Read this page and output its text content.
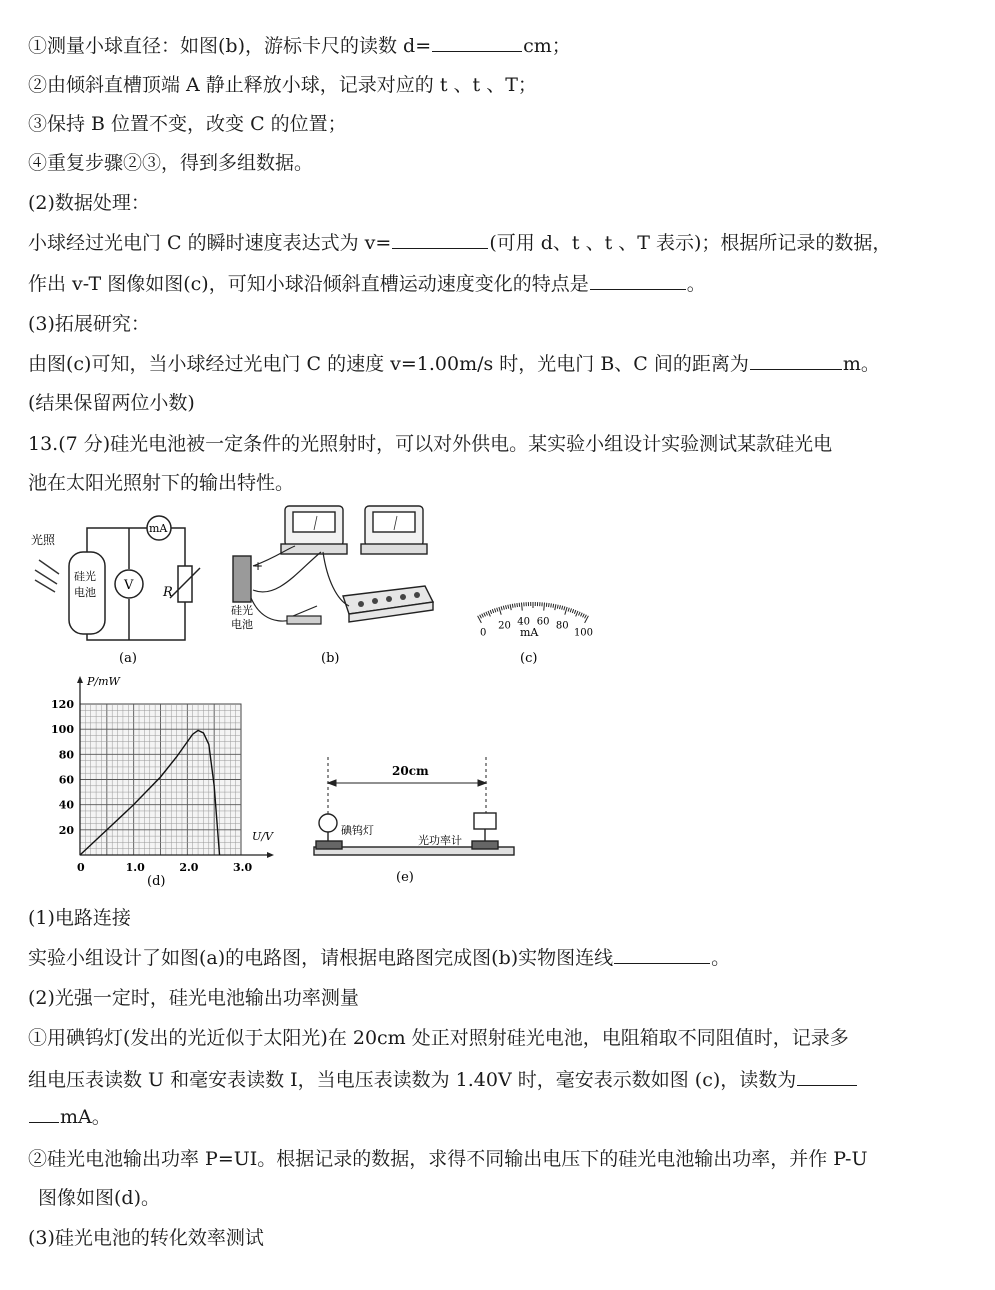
①测量小球直径：如图(b)，游标卡尺的读数 d=	cm；
②由倾斜直槽顶端 A 静止释放小球，记录对应的 t 、t 、T；
③保持 B 位置不变，改变 C 的位置；
④重复步骤②③，得到多组数据。
(2)数据处理：
小球经过光电门 C 的瞬时速度表达式为 v=	(可用 d、t 、t 、T 表示)；根据所记录的数据，
作出 v-T 图像如图(c)，可知小球沿倾斜直槽运动速度变化的特点是	。
(3)拓展研究：
由图(c)可知，当小球经过光电门 C 的速度 v=1.00m/s 时，光电门 B、C 间的距离为	m。
(结果保留两位小数)
13.(7 分)硅光电池被一定条件的光照射时，可以对外供电。某实验小组设计实验测试某款硅光电
池在太阳光照射下的输出特性。
光照
硅光
电池 V
mA
R
(a)
+
硅光
电池
(b)
0
20 40 60 80
100
mA
(c)
0	1.0	2.0	3.0
20
40
60
80
100
120
P/mW
U/V
(d)
20cm
碘钨灯
光功率计
(e)
(1)电路连接
实验小组设计了如图(a)的电路图，请根据电路图完成图(b)实物图连线	。
(2)光强一定时，硅光电池输出功率测量
①用碘钨灯(发出的光近似于太阳光)在 20cm 处正对照射硅光电池，电阻箱取不同阻值时，记录多
组电压表读数 U 和毫安表读数 I，当电压表读数为 1.40V 时，毫安表示数如图 (c)，读数为
mA。
②硅光电池输出功率 P=UI。根据记录的数据，求得不同输出电压下的硅光电池输出功率，并作 P-U
图像如图(d)。
(3)硅光电池的转化效率测试
